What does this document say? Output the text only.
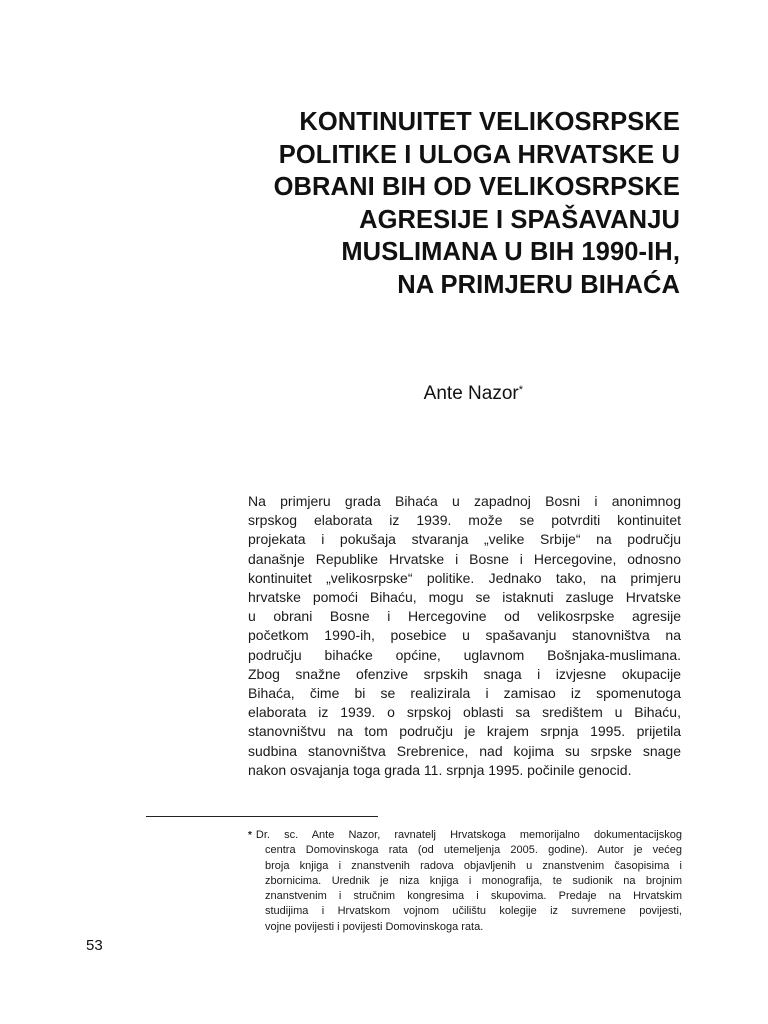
KONTINUITET VELIKOSRPSKE
POLITIKE I ULOGA HRVATSKE U
OBRANI BIH OD VELIKOSRPSKE
AGRESIJE I SPAŠAVANJU
MUSLIMANA U BIH 1990-IH,
NA PRIMJERU BIHAĆA
Ante Nazor*
Na primjeru grada Bihaća u zapadnoj Bosni i anonimnog
srpskog elaborata iz 1939. može se potvrditi kontinuitet
projekata i pokušaja stvaranja „velike Srbije“ na području
današnje Republike Hrvatske i Bosne i Hercegovine, odnosno
kontinuitet „velikosrpske“ politike. Jednako tako, na primjeru
hrvatske pomoći Bihaću, mogu se istaknuti zasluge Hrvatske
u obrani Bosne i Hercegovine od velikosrpske agresije
početkom 1990-ih, posebice u spašavanju stanovništva na
području bihaćke općine, uglavnom Bošnjaka-muslimana.
Zbog snažne ofenzive srpskih snaga i izvjesne okupacije
Bihaća, čime bi se realizirala i zamisao iz spomenutoga
elaborata iz 1939. o srpskoj oblasti sa središtem u Bihaću,
stanovništvu na tom području je krajem srpnja 1995. prijetila
sudbina stanovništva Srebrenice, nad kojima su srpske snage
nakon osvajanja toga grada 11. srpnja 1995. počinile genocid.
* Dr. sc. Ante Nazor, ravnatelj Hrvatskoga memorijalno dokumentacijskog
centra Domovinskoga rata (od utemeljenja 2005. godine). Autor je većeg
broja knjiga i znanstvenih radova objavljenih u znanstvenim časopisima i
zbornicima. Urednik je niza knjiga i monografija, te sudionik na brojnim
znanstvenim i stručnim kongresima i skupovima. Predaje na Hrvatskim
studijima i Hrvatskom vojnom učilištu kolegije iz suvremene povijesti,
vojne povijesti i povijesti Domovinskoga rata.
53
